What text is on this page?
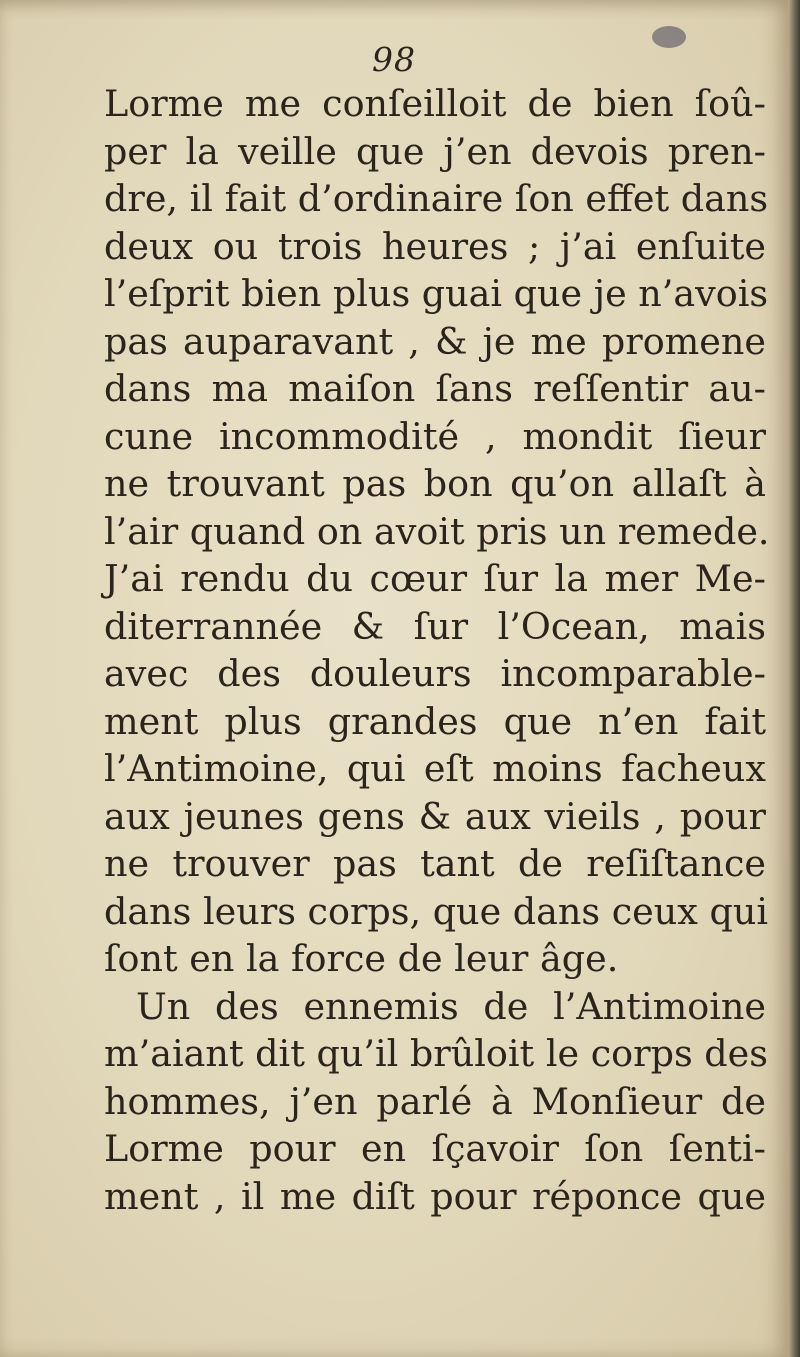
98
Lorme me conſeilloit de bien ſoû-
per la veille que j’en devois pren-
dre, il fait d’ordinaire ſon effet dans
deux ou trois heures ; j’ai enſuite
l’eſprit bien plus guai que je n’avois
pas auparavant , & je me promene
dans ma maiſon ſans reſſentir au-
cune incommodité , mondit ſieur
ne trouvant pas bon qu’on allaſt à
l’air quand on avoit pris un remede.
J’ai rendu du cœur ſur la mer Me-
diterrannée & ſur l’Ocean, mais
avec des douleurs incomparable-
ment plus grandes que n’en fait
l’Antimoine, qui eſt moins facheux
aux jeunes gens & aux vieils , pour
ne trouver pas tant de reſiſtance
dans leurs corps, que dans ceux qui
ſont en la force de leur âge.
Un des ennemis de l’Antimoine
m’aiant dit qu’il brûloit le corps des
hommes, j’en parlé à Monſieur de
Lorme pour en ſçavoir ſon ſenti-
ment , il me diſt pour réponce que
